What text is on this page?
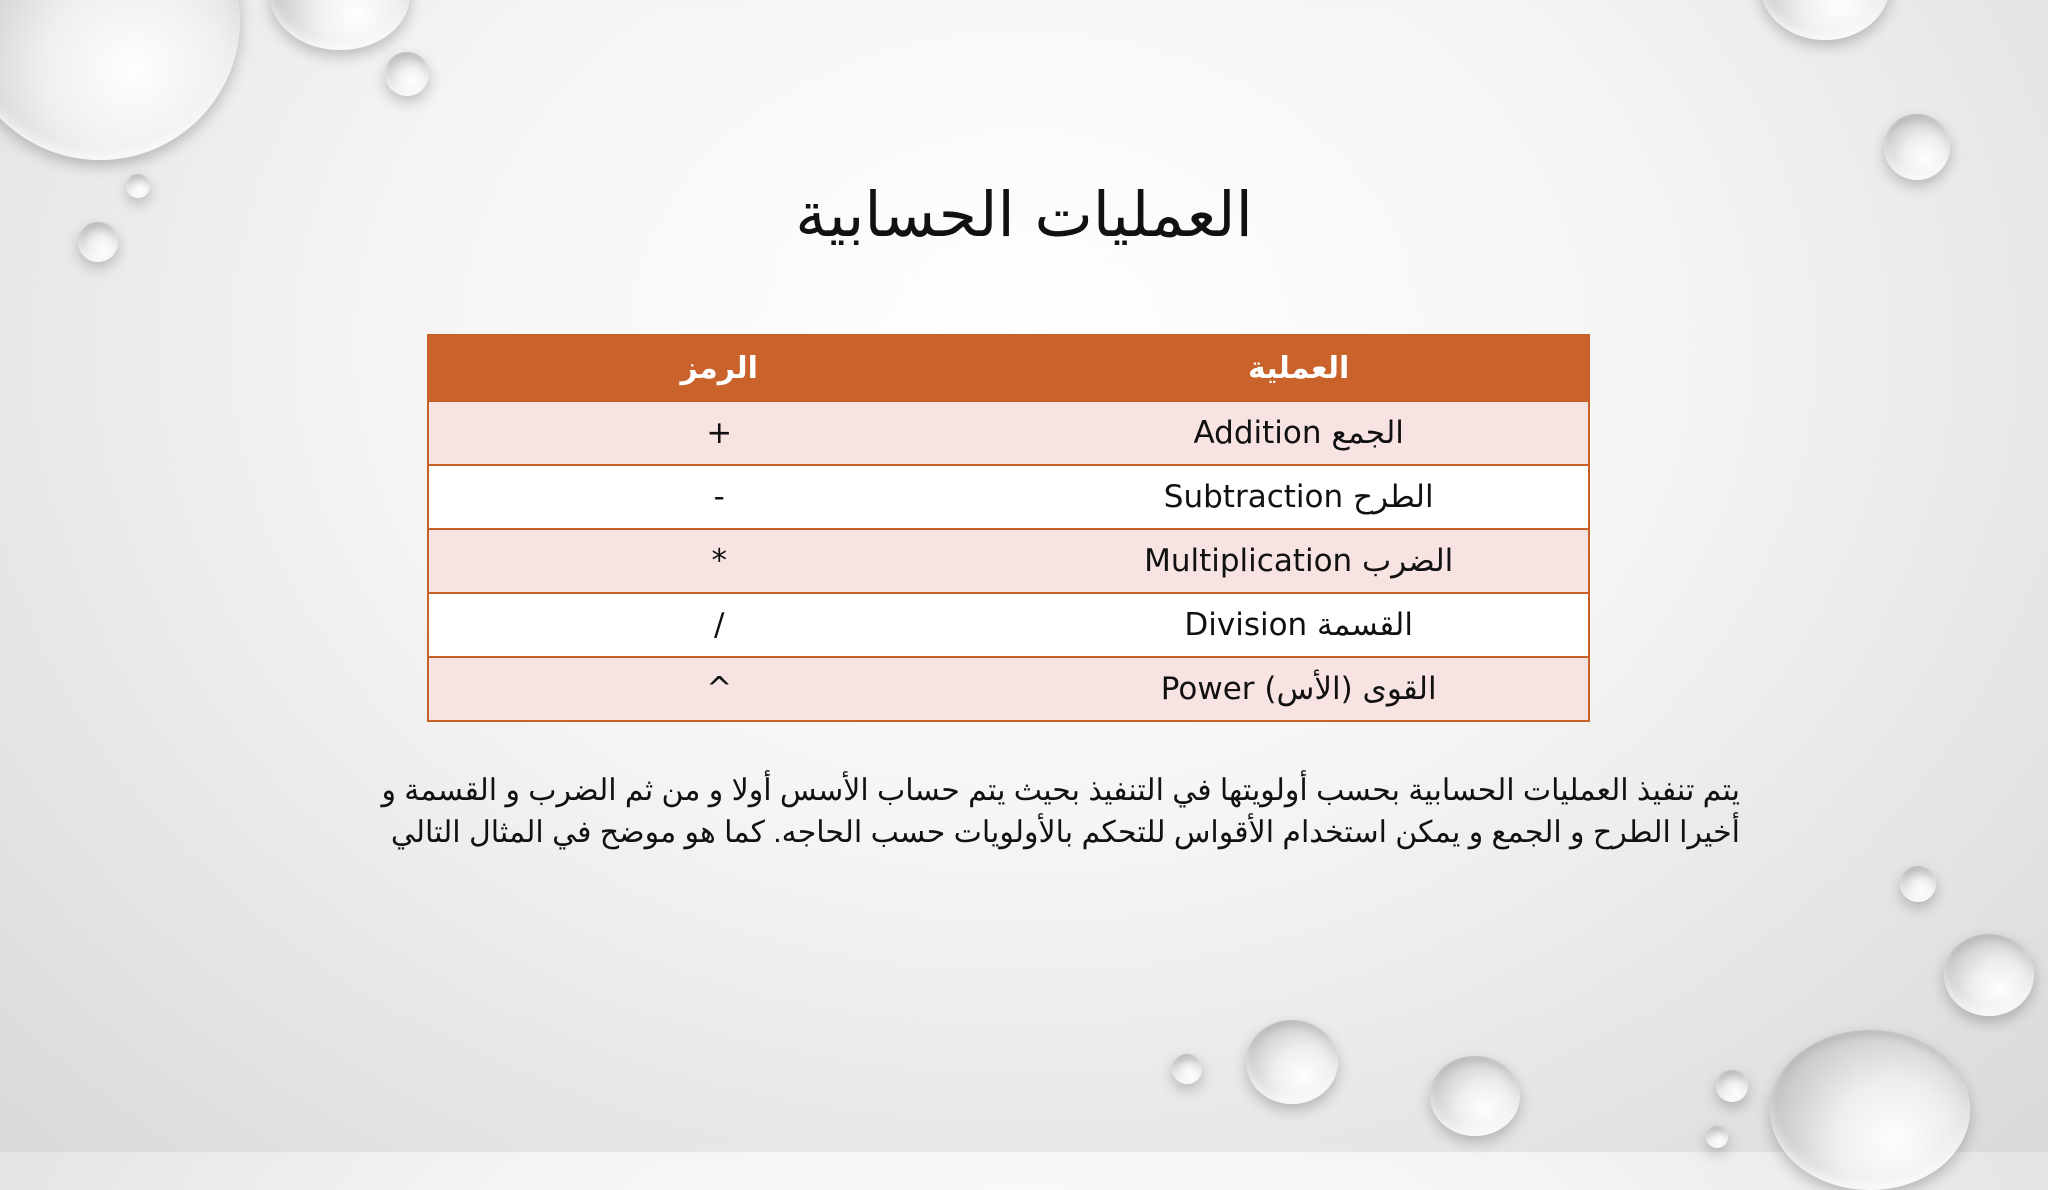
العمليات الحسابية
الرمز	العملية
+	الجمع Addition
-	الطرح Subtraction
*	الضرب Multiplication
/	القسمة Division
^	القوى (الأس) Power
يتم تنفيذ العمليات الحسابية بحسب أولويتها في التنفيذ بحيث يتم حساب الأسس أولا و من ثم الضرب و القسمة و أخيرا الطرح و الجمع و يمكن استخدام الأقواس للتحكم بالأولويات حسب الحاجه. كما هو موضح في المثال التالي
